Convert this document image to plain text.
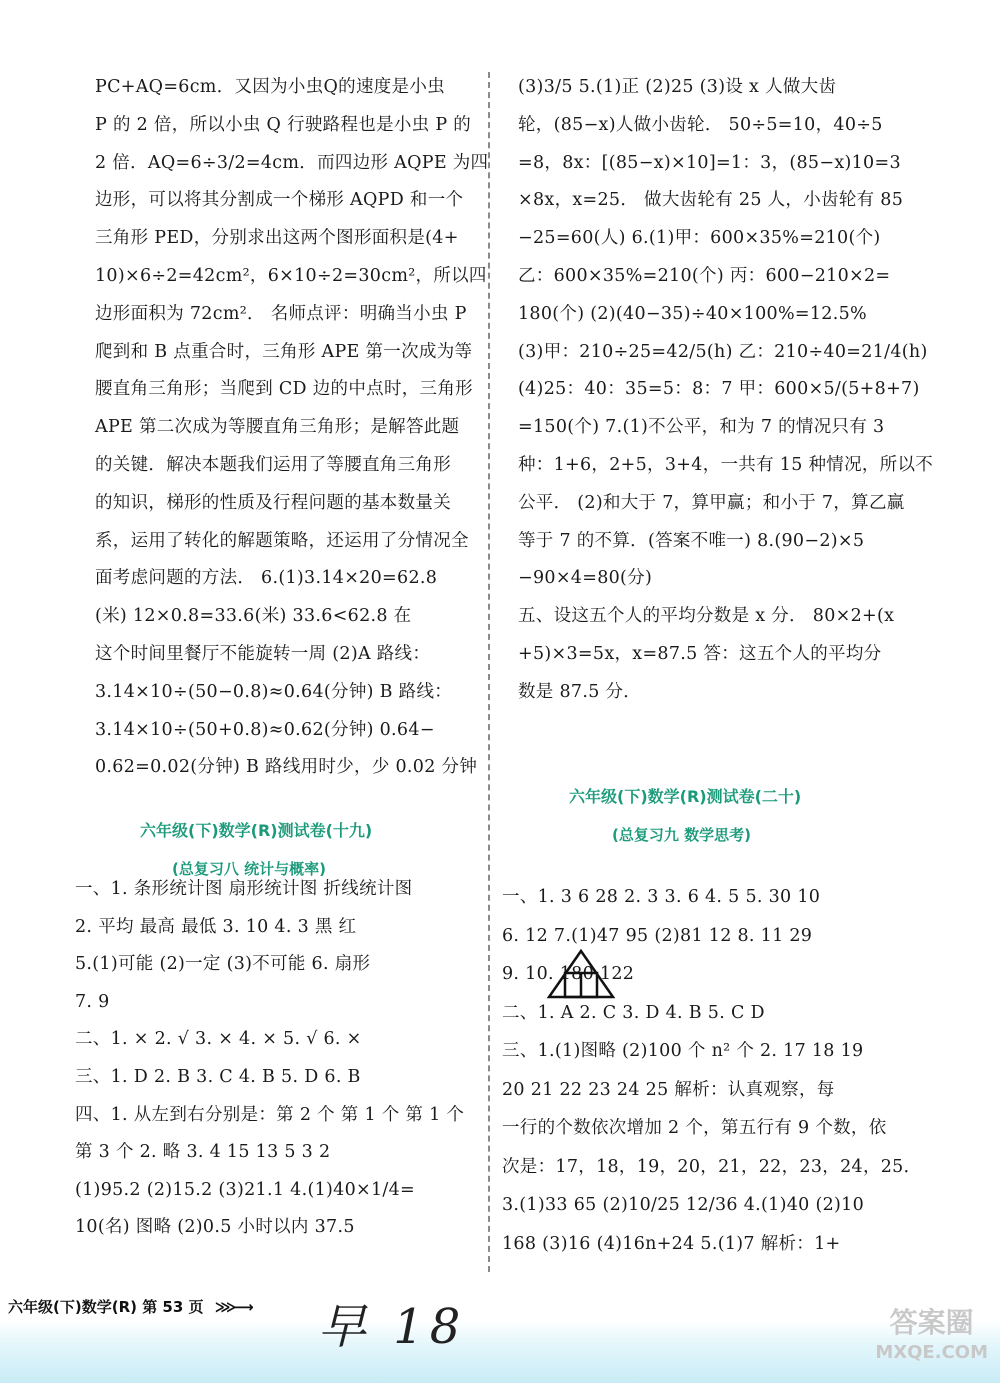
PC+AQ=6cm．又因为小虫Q的速度是小虫
P 的 2 倍，所以小虫 Q 行驶路程也是小虫 P 的
2 倍．AQ=6÷3/2=4cm．而四边形 AQPE 为四
边形，可以将其分割成一个梯形 AQPD 和一个
三角形 PED，分别求出这两个图形面积是(4+
10)×6÷2=42cm²，6×10÷2=30cm²，所以四
边形面积为 72cm²． 名师点评：明确当小虫 P
爬到和 B 点重合时，三角形 APE 第一次成为等
腰直角三角形；当爬到 CD 边的中点时，三角形
APE 第二次成为等腰直角三角形；是解答此题
的关键．解决本题我们运用了等腰直角三角形
的知识，梯形的性质及行程问题的基本数量关
系，运用了转化的解题策略，还运用了分情况全
面考虑问题的方法． 6.(1)3.14×20=62.8
(米) 12×0.8=33.6(米) 33.6<62.8 在
这个时间里餐厅不能旋转一周 (2)A 路线：
3.14×10÷(50−0.8)≈0.64(分钟) B 路线：
3.14×10÷(50+0.8)≈0.62(分钟) 0.64−
0.62=0.02(分钟) B 路线用时少，少 0.02 分钟
一、1. 条形统计图 扇形统计图 折线统计图
2. 平均 最高 最低 3. 10 4. 3 黑 红
5.(1)可能 (2)一定 (3)不可能 6. 扇形
7. 9
二、1. × 2. √ 3. × 4. × 5. √ 6. ×
三、1. D 2. B 3. C 4. B 5. D 6. B
四、1. 从左到右分别是：第 2 个 第 1 个 第 1 个
第 3 个 2. 略 3. 4 15 13 5 3 2
(1)95.2 (2)15.2 (3)21.1 4.(1)40×1/4=
10(名) 图略 (2)0.5 小时以内 37.5
(3)3/5 5.(1)正 (2)25 (3)设 x 人做大齿
轮，(85−x)人做小齿轮． 50÷5=10，40÷5
=8，8x：[(85−x)×10]=1：3，(85−x)10=3
×8x，x=25． 做大齿轮有 25 人，小齿轮有 85
−25=60(人) 6.(1)甲：600×35%=210(个)
乙：600×35%=210(个) 丙：600−210×2=
180(个) (2)(40−35)÷40×100%=12.5%
(3)甲：210÷25=42/5(h) 乙：210÷40=21/4(h)
(4)25：40：35=5：8：7 甲：600×5/(5+8+7)
=150(个) 7.(1)不公平，和为 7 的情况只有 3
种：1+6，2+5，3+4，一共有 15 种情况，所以不
公平． (2)和大于 7，算甲赢；和小于 7，算乙赢
等于 7 的不算．(答案不唯一) 8.(90−2)×5
−90×4=80(分)
五、设这五个人的平均分数是 x 分． 80×2+(x
+5)×3=5x，x=87.5 答：这五个人的平均分
数是 87.5 分．
一、1. 3 6 28 2. 3 3. 6 4. 5 5. 30 10
6. 12 7.(1)47 95 (2)81 12 8. 11 29
9. 10. 180 122
二、1. A 2. C 3. D 4. B 5. C D
三、1.(1)图略 (2)100 个 n² 个 2. 17 18 19
20 21 22 23 24 25 解析：认真观察，每
一行的个数依次增加 2 个，第五行有 9 个数，依
次是：17，18，19，20，21，22，23，24，25．
3.(1)33 65 (2)10/25 12/36 4.(1)40 (2)10
168 (3)16 (4)16n+24 5.(1)7 解析：1+
六年级(下)数学(R)测试卷(十九)
(总复习八 统计与概率)
六年级(下)数学(R)测试卷(二十)
(总复习九 数学思考)
六年级(下)数学(R) 第 53 页 ⋙⟶ 早 18	答案圈
MXQE.COM
